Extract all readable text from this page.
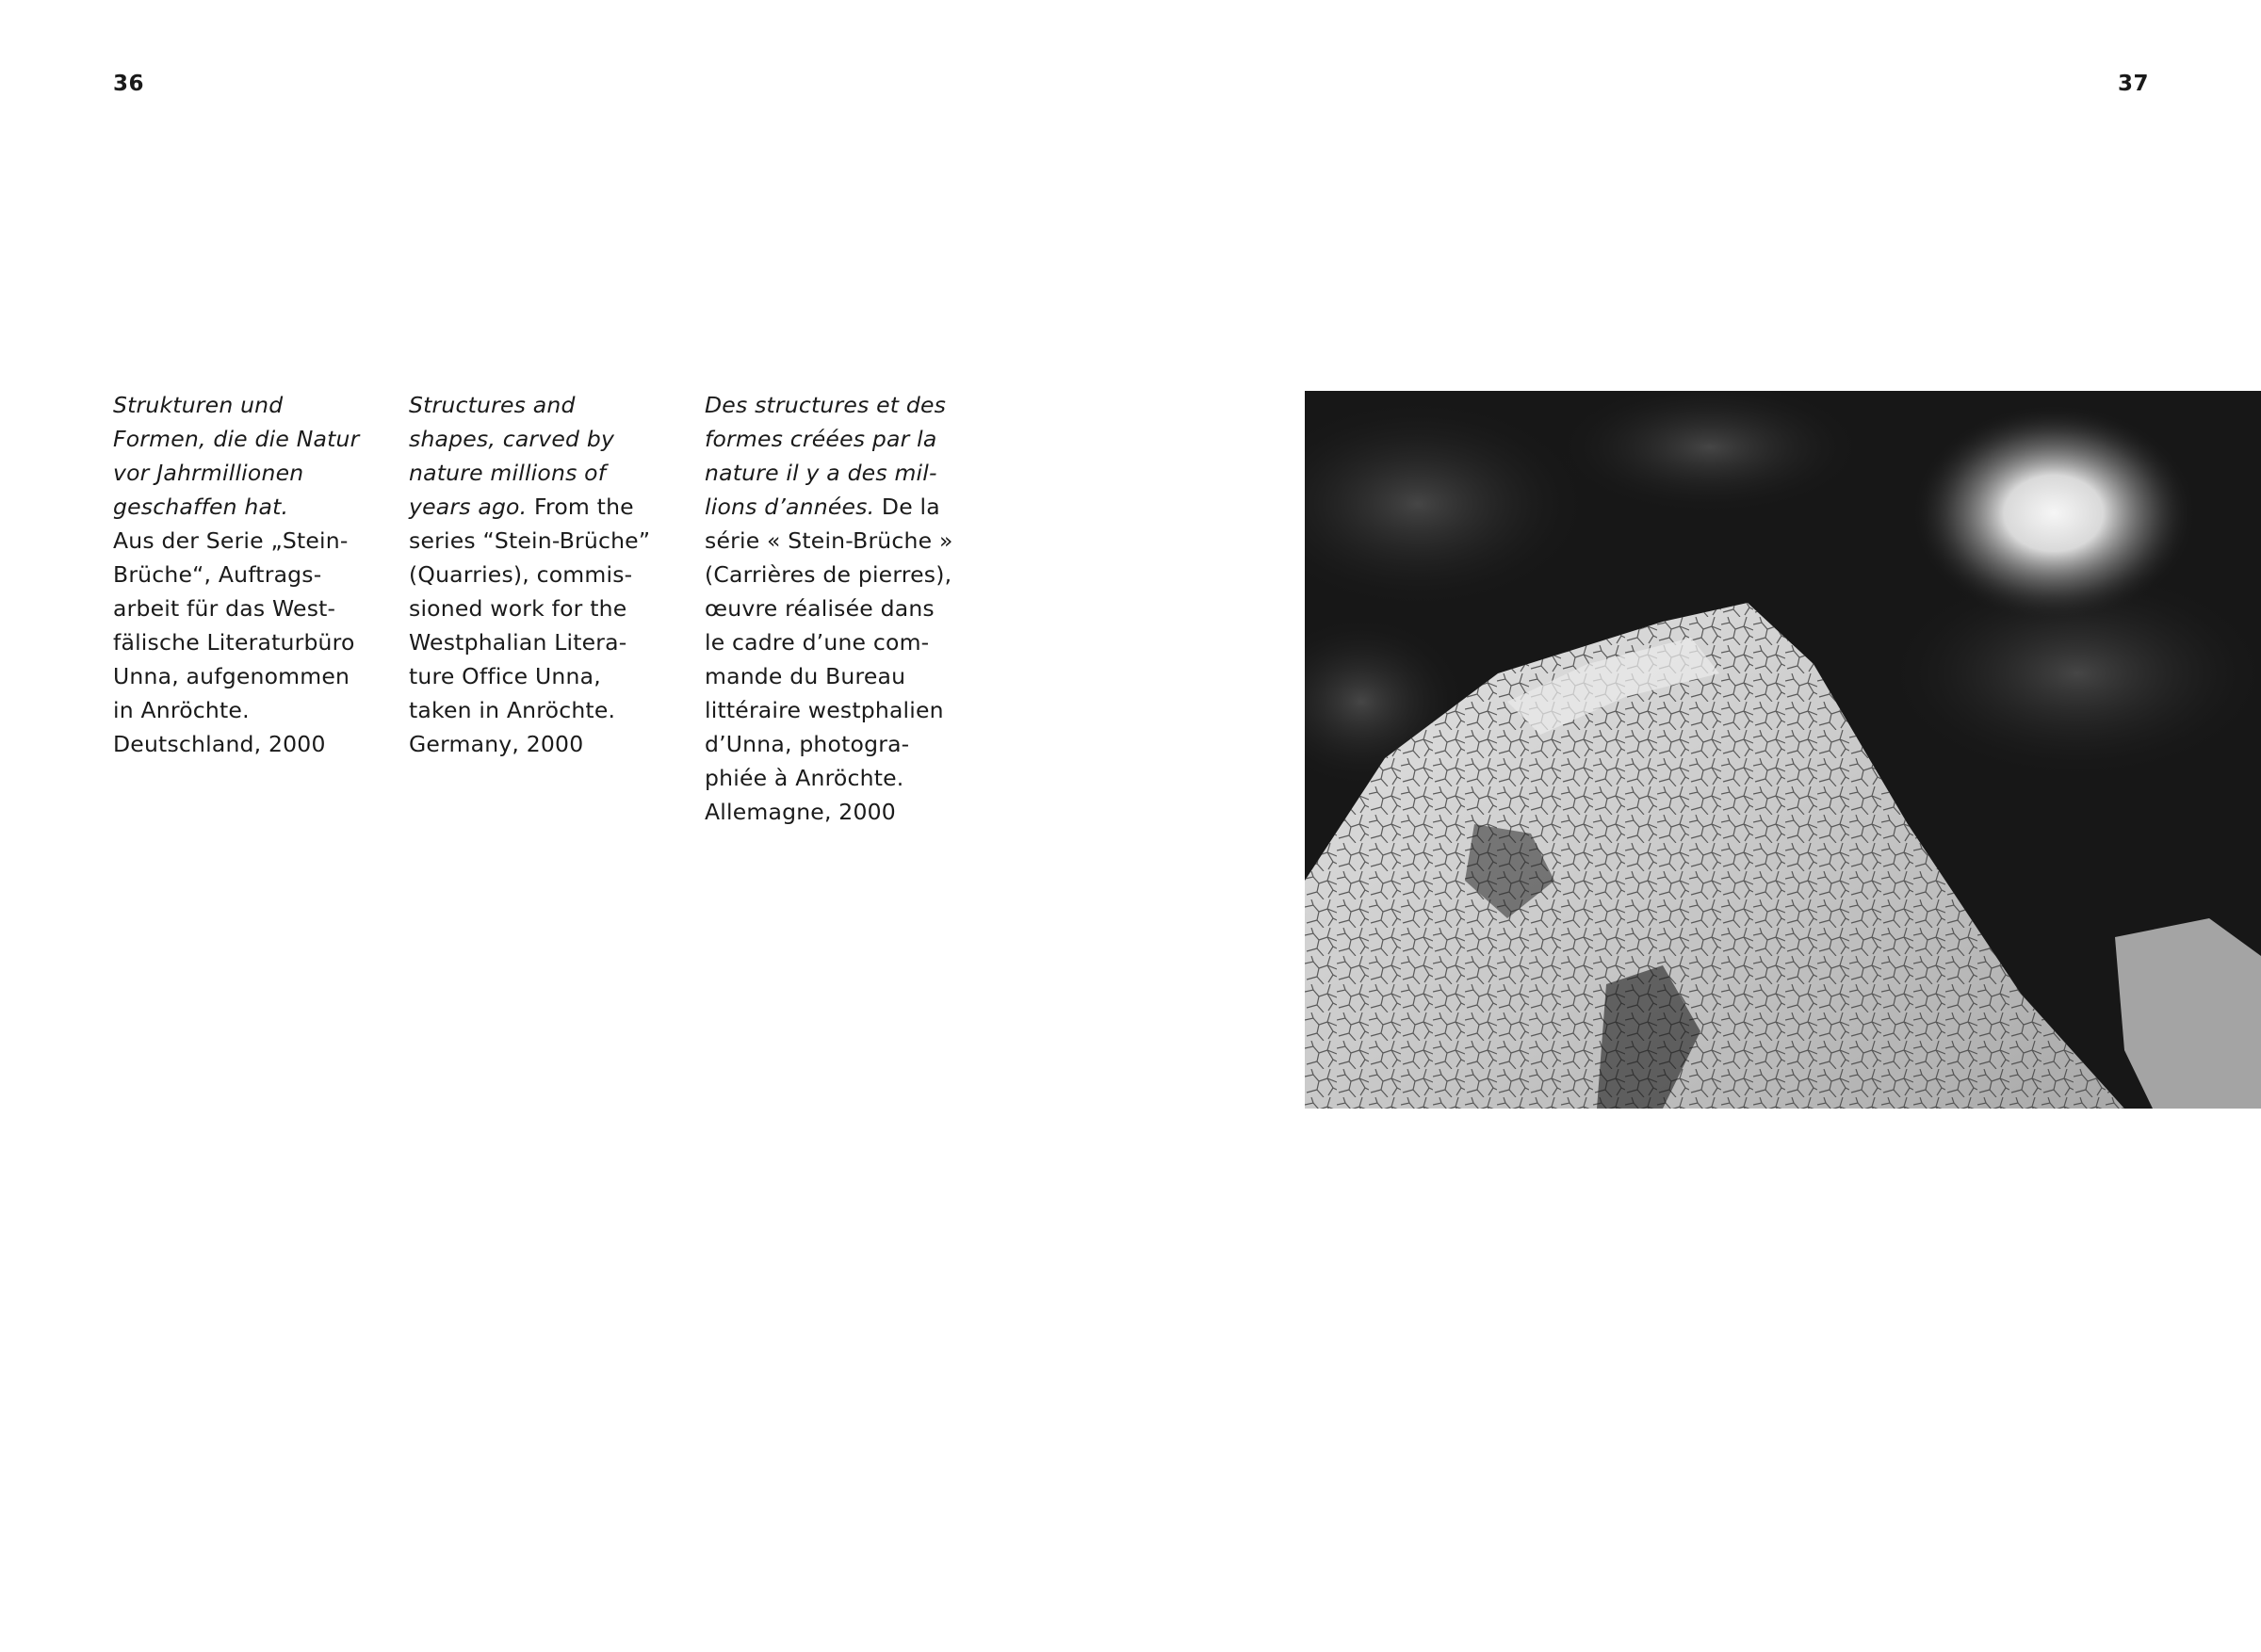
36	37

Strukturen und
Formen, die die Natur
vor Jahrmillionen
geschaffen hat.
Aus der Serie „Stein-
Brüche“, Auftrags-
arbeit für das West-
fälische Literaturbüro
Unna, aufgenommen
in Anröchte.
Deutschland, 2000

Structures and
shapes, carved by
nature millions of
years ago. From the
series “Stein-Brüche”
(Quarries), commis-
sioned work for the
Westphalian Litera-
ture Office Unna,
taken in Anröchte.
Germany, 2000

Des structures et des
formes créées par la
nature il y a des mil-
lions d’années. De la
série « Stein-Brüche »
(Carrières de pierres),
œuvre réalisée dans
le cadre d’une com-
mande du Bureau
littéraire westphalien
d’Unna, photogra-
phiée à Anröchte.
Allemagne, 2000
